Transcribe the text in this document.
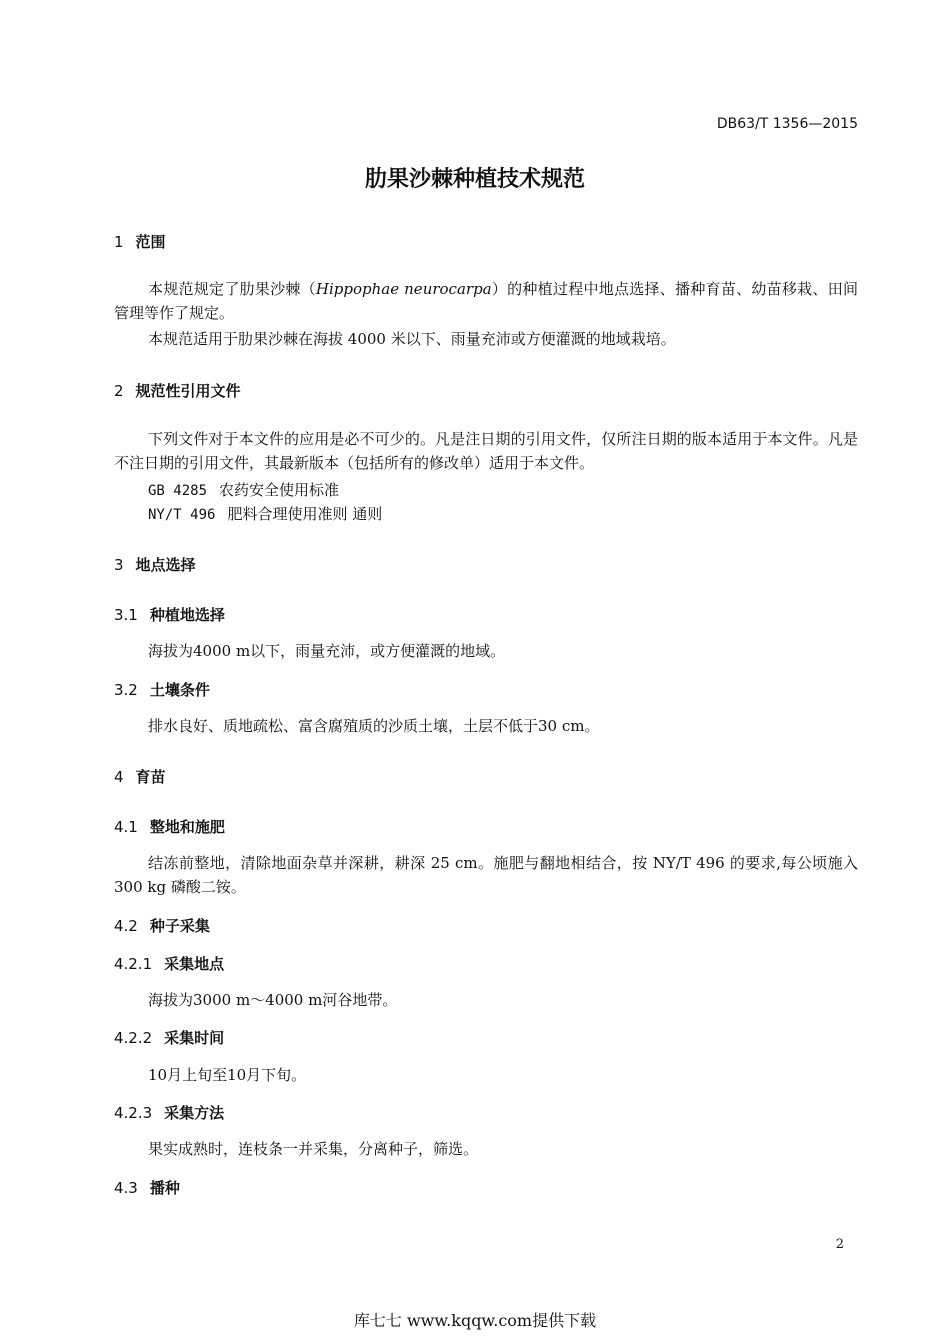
DB63/T 1356—2015
肋果沙棘种植技术规范
1 范围
本规范规定了肋果沙棘（Hippophae neurocarpa）的种植过程中地点选择、播种育苗、幼苗移栽、田间管理等作了规定。
本规范适用于肋果沙棘在海拔 4000 米以下、雨量充沛或方便灌溉的地域栽培。
2 规范性引用文件
下列文件对于本文件的应用是必不可少的。凡是注日期的引用文件，仅所注日期的版本适用于本文件。凡是不注日期的引用文件，其最新版本（包括所有的修改单）适用于本文件。
GB 4285 农药安全使用标准
NY/T 496 肥料合理使用准则 通则
3 地点选择
3.1 种植地选择
海拔为4000 m以下，雨量充沛，或方便灌溉的地域。
3.2 土壤条件
排水良好、质地疏松、富含腐殖质的沙质土壤，土层不低于30 cm。
4 育苗
4.1 整地和施肥
结冻前整地，清除地面杂草并深耕，耕深 25 cm。施肥与翻地相结合，按 NY/T 496 的要求,每公顷施入 300 kg 磷酸二铵。
4.2 种子采集
4.2.1 采集地点
海拔为3000 m～4000 m河谷地带。
4.2.2 采集时间
10月上旬至10月下旬。
4.2.3 采集方法
果实成熟时，连枝条一并采集，分离种子，筛选。
4.3 播种
2
库七七 www.kqqw.com提供下载
